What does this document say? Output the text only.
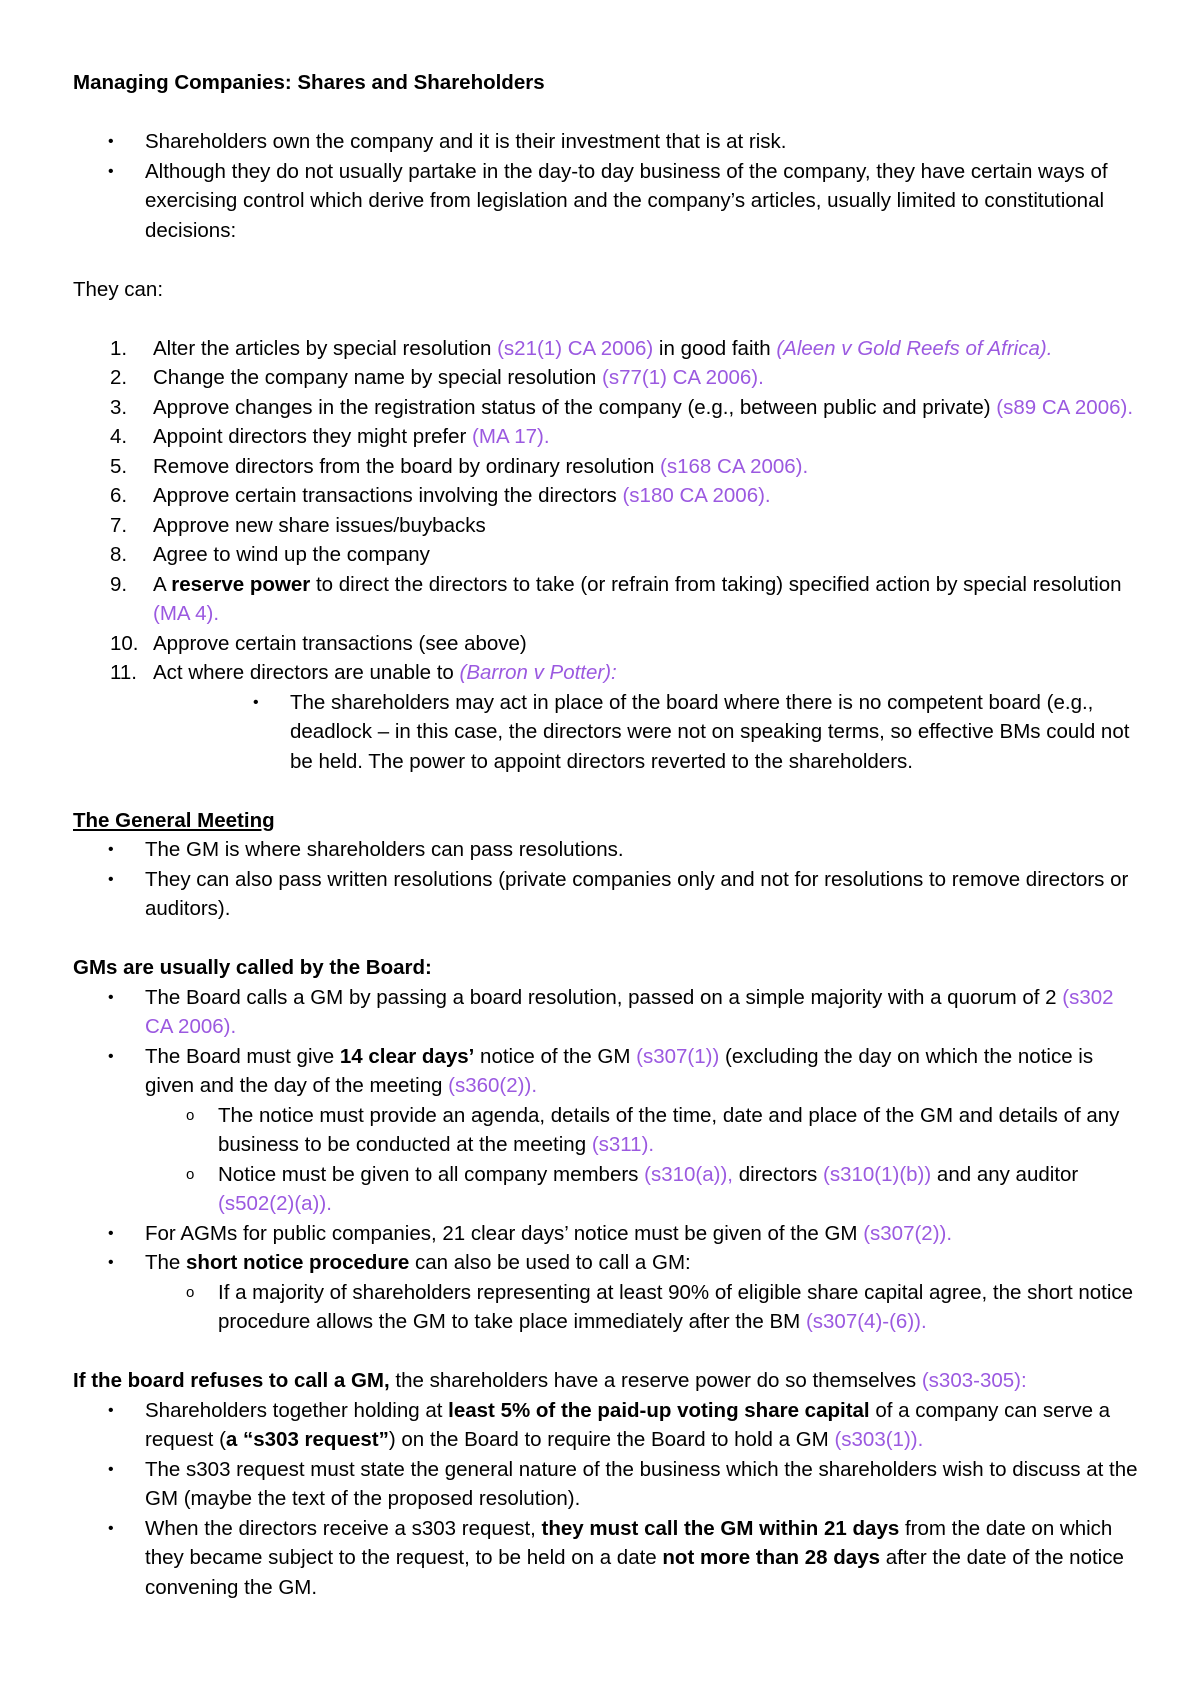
Managing Companies: Shares and Shareholders

• Shareholders own the company and it is their investment that is at risk.

• Although they do not usually partake in the day-to day business of the company, they have certain ways of exercising control which derive from legislation and the company’s articles, usually limited to constitutional decisions:

They can:

1.	Alter the articles by special resolution (s21(1) CA 2006) in good faith (Aleen v Gold Reefs of Africa).

2.	Change the company name by special resolution (s77(1) CA 2006).

3.	Approve changes in the registration status of the company (e.g., between public and private) (s89 CA 2006).

4.	Appoint directors they might prefer (MA 17).

5.	Remove directors from the board by ordinary resolution (s168 CA 2006).

6.	Approve certain transactions involving the directors (s180 CA 2006).

7.	Approve new share issues/buybacks

8.	Agree to wind up the company

9.	A reserve power to direct the directors to take (or refrain from taking) specified action by special resolution (MA 4).

10. Approve certain transactions (see above)

11. Act where directors are unable to (Barron v Potter):

• The shareholders may act in place of the board where there is no competent board (e.g., deadlock – in this case, the directors were not on speaking terms, so effective BMs could not be held. The power to appoint directors reverted to the shareholders.

The General Meeting

• The GM is where shareholders can pass resolutions.

• They can also pass written resolutions (private companies only and not for resolutions to remove directors or auditors).

GMs are usually called by the Board:

• The Board calls a GM by passing a board resolution, passed on a simple majority with a quorum of 2 (s302 CA 2006).

• The Board must give 14 clear days’ notice of the GM (s307(1)) (excluding the day on which the notice is given and the day of the meeting (s360(2)).

o The notice must provide an agenda, details of the time, date and place of the GM and details of any business to be conducted at the meeting (s311).

o Notice must be given to all company members (s310(a)), directors (s310(1)(b)) and any auditor (s502(2)(a)).

• For AGMs for public companies, 21 clear days’ notice must be given of the GM (s307(2)).

• The short notice procedure can also be used to call a GM:

o If a majority of shareholders representing at least 90% of eligible share capital agree, the short notice procedure allows the GM to take place immediately after the BM (s307(4)-(6)).

If the board refuses to call a GM, the shareholders have a reserve power do so themselves (s303-305):

• Shareholders together holding at least 5% of the paid-up voting share capital of a company can serve a request (a “s303 request”) on the Board to require the Board to hold a GM (s303(1)).

• The s303 request must state the general nature of the business which the shareholders wish to discuss at the GM (maybe the text of the proposed resolution).

• When the directors receive a s303 request, they must call the GM within 21 days from the date on which they became subject to the request, to be held on a date not more than 28 days after the date of the notice convening the GM.
